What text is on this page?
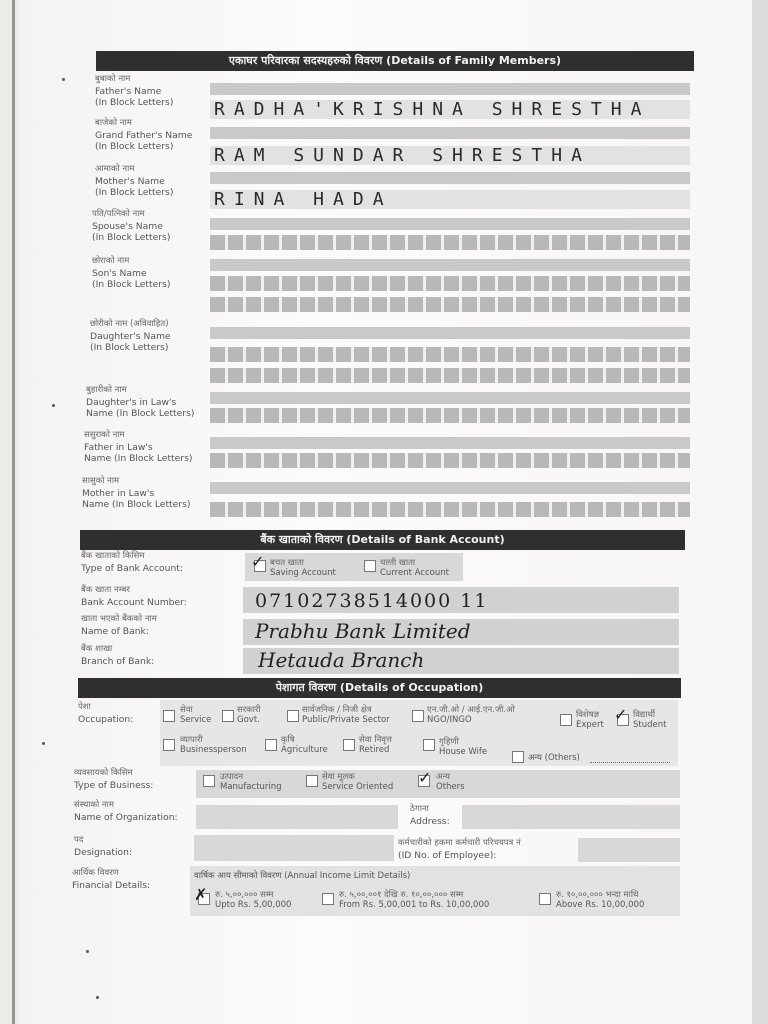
एकाघर परिवारका सदस्यहरुको विवरण (Details of Family Members)
बुबाको नाम
Father's Name
(In Block Letters) RADHA'KRISHNA SHRESTHA
बाजेको नाम
Grand Father's Name
(In Block Letters)	RAM SUNDAR SHRESTHA
आमाको नाम
Mother's Name
(In Block Letters) RINA HADA
पति/पत्निको नाम
Spouse's Name
(In Block Letters)
छोराको नाम
Son's Name
(In Block Letters)
छोरीको नाम (अविवाहित)
Daughter's Name
(In Block Letters)
बुहारीको नाम
Daughter's in Law's
Name (In Block Letters)
ससुराको नाम
Father in Law's
Name (In Block Letters)
सासुको नाम
Mother in Law's
Name (In Block Letters)
बैंक खाताको विवरण (Details of Bank Account)
बैंक खाताको किसिम
Type of Bank Account:	✓ बचत खाता
Saving Account
चल्ती खाता
Current Account
बैंक खाता नम्बर
Bank Account Number:	07102738514000 11
खाता भएको बैंकको नाम
Name of Bank:	Prabhu Bank Limited
बैंक शाखा
Branch of Bank:	Hetauda Branch
पेशागत विवरण (Details of Occupation)
पेशा
Occupation:
सेवा
Service
सरकारी
Govt.
सार्वजनिक / निजी क्षेत्र
Public/Private Sector
एन.जी.ओ / आई.एन.जी.ओ
NGO/INGO	विशेषज्ञ
Expert
✓ विद्यार्थी
Student
व्यापारी
Businessperson
कृषि
Agriculture
सेवा निवृत्त
Retired
गृहिणी
House Wife
अन्य (Others)
व्यवसायको किसिम
Type of Business:
उत्पादन
Manufacturing
सेवा मूलक
Service Oriented ✓ अन्य
Others
संस्थाको नाम
Name of Organization:
ठेगाना
Address:
पद
Designation:
कर्मचारीको हकमा कर्मचारी परिचयपत्र नं
(ID No. of Employee):
आर्थिक विवरण
Financial Details:
वार्षिक आय सीमाको विवरण (Annual Income Limit Details)
✗ रु. ५,००,००० सम्म
Upto Rs. 5,00,000
रु. ५,००,००१ देखि रु. १०,००,००० सम्म
From Rs. 5,00,001 to Rs. 10,00,000
रु. १०,००,००० भन्दा माथि
Above Rs. 10,00,000
